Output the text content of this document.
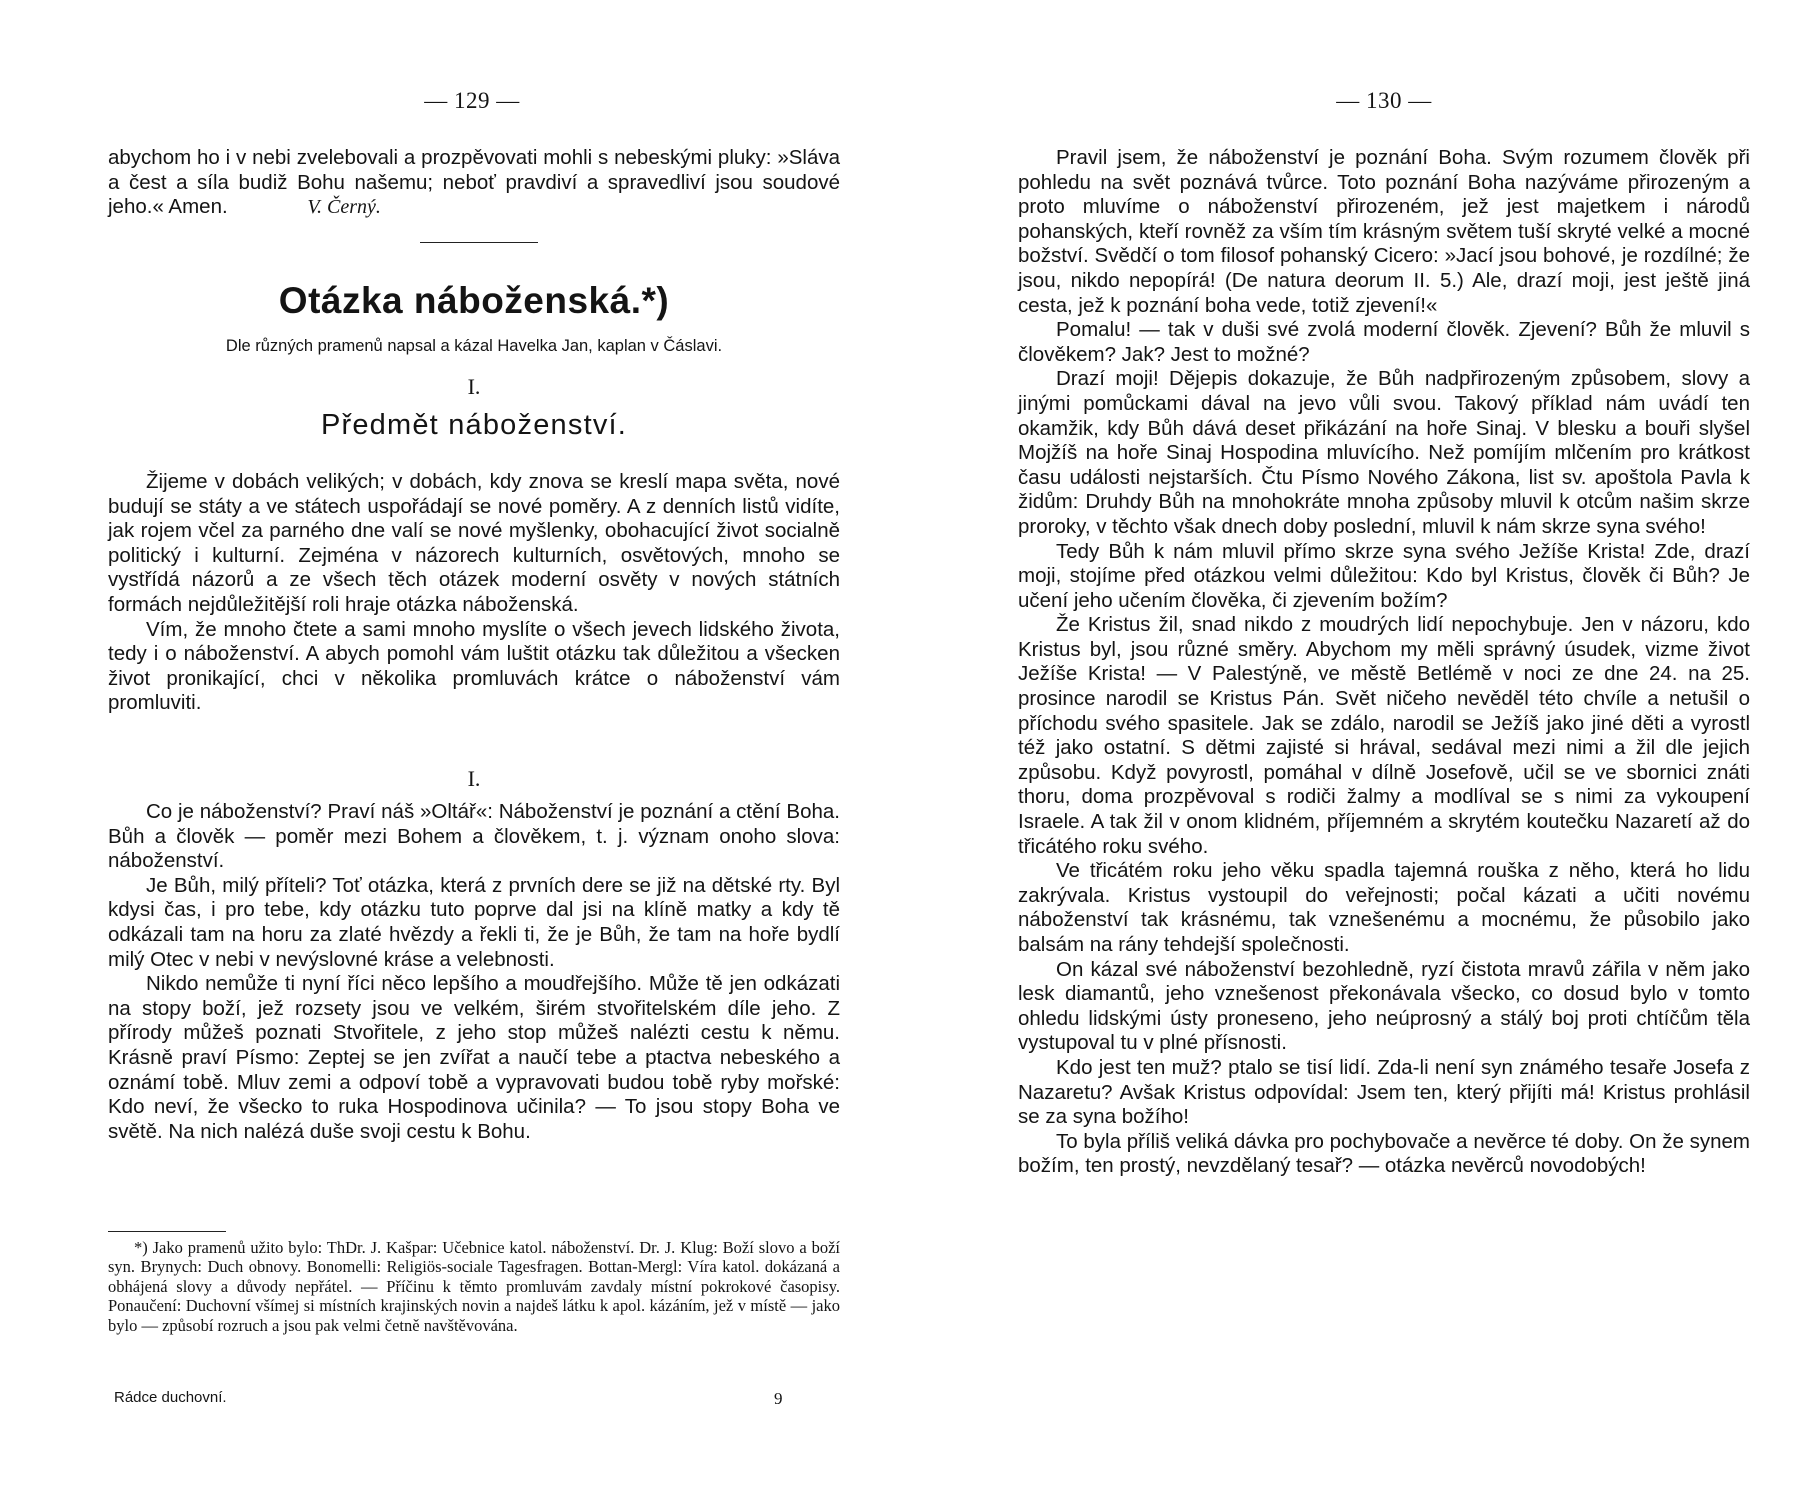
— 129 —

abychom ho i v nebi zvelebovali a prozpěvovati mohli s nebeskými pluky: »Sláva a čest a síla budiž Bohu našemu; neboť pravdiví a spravedliví jsou soudové jeho.« Amen.	V. Černý.

Otázka náboženská.*)
Dle různých pramenů napsal a kázal Havelka Jan, kaplan v Čáslavi.
I.
Předmět náboženství.

Žijeme v dobách velikých; v dobách, kdy znova se kreslí mapa světa, nové budují se státy a ve státech uspořádají se nové poměry. A z denních listů vidíte, jak rojem včel za parného dne valí se nové myšlenky, obohacující život socialně politický i kulturní. Zejména v názorech kulturních, osvětových, mnoho se vystřídá názorů a ze všech těch otázek moderní osvěty v nových státních formách nejdůležitější roli hraje otázka náboženská.

Vím, že mnoho čtete a sami mnoho myslíte o všech jevech lidského života, tedy i o náboženství. A abych pomohl vám luštit otázku tak důležitou a všecken život pronikající, chci v několika promluvách krátce o náboženství vám promluviti.

I.

Co je náboženství? Praví náš »Oltář«: Náboženství je poznání a ctění Boha. Bůh a člověk — poměr mezi Bohem a člověkem, t. j. význam onoho slova: náboženství.

Je Bůh, milý příteli? Toť otázka, která z prvních dere se již na dětské rty. Byl kdysi čas, i pro tebe, kdy otázku tuto poprve dal jsi na klíně matky a kdy tě odkázali tam na horu za zlaté hvězdy a řekli ti, že je Bůh, že tam na hoře bydlí milý Otec v nebi v nevýslovné kráse a velebnosti.

Nikdo nemůže ti nyní říci něco lepšího a moudřejšího. Může tě jen odkázati na stopy boží, jež rozsety jsou ve velkém, širém stvořitelském díle jeho. Z přírody můžeš poznati Stvořitele, z jeho stop můžeš nalézti cestu k němu. Krásně praví Písmo: Zeptej se jen zvířat a naučí tebe a ptactva nebeského a oznámí tobě. Mluv zemi a odpoví tobě a vypravovati budou tobě ryby mořské: Kdo neví, že všecko to ruka Hospodinova učinila? — To jsou stopy Boha ve světě. Na nich nalézá duše svoji cestu k Bohu.

*) Jako pramenů užito bylo: ThDr. J. Kašpar: Učebnice katol. náboženství. Dr. J. Klug: Boží slovo a boží syn. Brynych: Duch obnovy. Bonomelli: Religiös-sociale Tagesfragen. Bottan-Mergl: Víra katol. dokázaná a obhájená slovy a důvody nepřátel. — Příčinu k těmto promluvám zavdaly místní pokrokové časopisy. Ponaučení: Duchovní všímej si místních krajinských novin a najdeš látku k apol. kázáním, jež v místě — jako bylo — způsobí rozruch a jsou pak velmi četně navštěvována.

Rádce duchovní.	9
— 130 —

Pravil jsem, že náboženství je poznání Boha. Svým rozumem člověk při pohledu na svět poznává tvůrce. Toto poznání Boha nazýváme přirozeným a proto mluvíme o náboženství přirozeném, jež jest majetkem i národů pohanských, kteří rovněž za vším tím krásným světem tuší skryté velké a mocné božství. Svědčí o tom filosof pohanský Cicero: »Jací jsou bohové, je rozdílné; že jsou, nikdo nepopírá! (De natura deorum II. 5.) Ale, drazí moji, jest ještě jiná cesta, jež k poznání boha vede, totiž zjevení!«

Pomalu! — tak v duši své zvolá moderní člověk. Zjevení? Bůh že mluvil s člověkem? Jak? Jest to možné?

Drazí moji! Dějepis dokazuje, že Bůh nadpřirozeným způsobem, slovy a jinými pomůckami dával na jevo vůli svou. Takový příklad nám uvádí ten okamžik, kdy Bůh dává deset přikázání na hoře Sinaj. V blesku a bouři slyšel Mojžíš na hoře Sinaj Hospodina mluvícího. Než pomíjím mlčením pro krátkost času události nejstarších. Čtu Písmo Nového Zákona, list sv. apoštola Pavla k židům: Druhdy Bůh na mnohokráte mnoha způsoby mluvil k otcům našim skrze proroky, v těchto však dnech doby poslední, mluvil k nám skrze syna svého!

Tedy Bůh k nám mluvil přímo skrze syna svého Ježíše Krista! Zde, drazí moji, stojíme před otázkou velmi důležitou: Kdo byl Kristus, člověk či Bůh? Je učení jeho učením člověka, či zjevením božím?

Že Kristus žil, snad nikdo z moudrých lidí nepochybuje. Jen v názoru, kdo Kristus byl, jsou různé směry. Abychom my měli správný úsudek, vizme život Ježíše Krista! — V Palestýně, ve městě Betlémě v noci ze dne 24. na 25. prosince narodil se Kristus Pán. Svět ničeho nevěděl této chvíle a netušil o příchodu svého spasitele. Jak se zdálo, narodil se Ježíš jako jiné děti a vyrostl též jako ostatní. S dětmi zajisté si hrával, sedával mezi nimi a žil dle jejich způsobu. Když povyrostl, pomáhal v dílně Josefově, učil se ve sbornici znáti thoru, doma prozpěvoval s rodiči žalmy a modlíval se s nimi za vykoupení Israele. A tak žil v onom klidném, příjemném a skrytém koutečku Nazaretí až do třicátého roku svého.

Ve třicátém roku jeho věku spadla tajemná rouška z něho, která ho lidu zakrývala. Kristus vystoupil do veřejnosti; počal kázati a učiti novému náboženství tak krásnému, tak vznešenému a mocnému, že působilo jako balsám na rány tehdejší společnosti.

On kázal své náboženství bezohledně, ryzí čistota mravů zářila v něm jako lesk diamantů, jeho vznešenost překonávala všecko, co dosud bylo v tomto ohledu lidskými ústy proneseno, jeho neúprosný a stálý boj proti chtíčům těla vystupoval tu v plné přísnosti.

Kdo jest ten muž? ptalo se tisí lidí. Zda-li není syn známého tesaře Josefa z Nazaretu? Avšak Kristus odpovídal: Jsem ten, který přijíti má! Kristus prohlásil se za syna božího!

To byla příliš veliká dávka pro pochybovače a nevěrce té doby. On že synem božím, ten prostý, nevzdělaný tesař? — otázka nevěrců novodobých!
